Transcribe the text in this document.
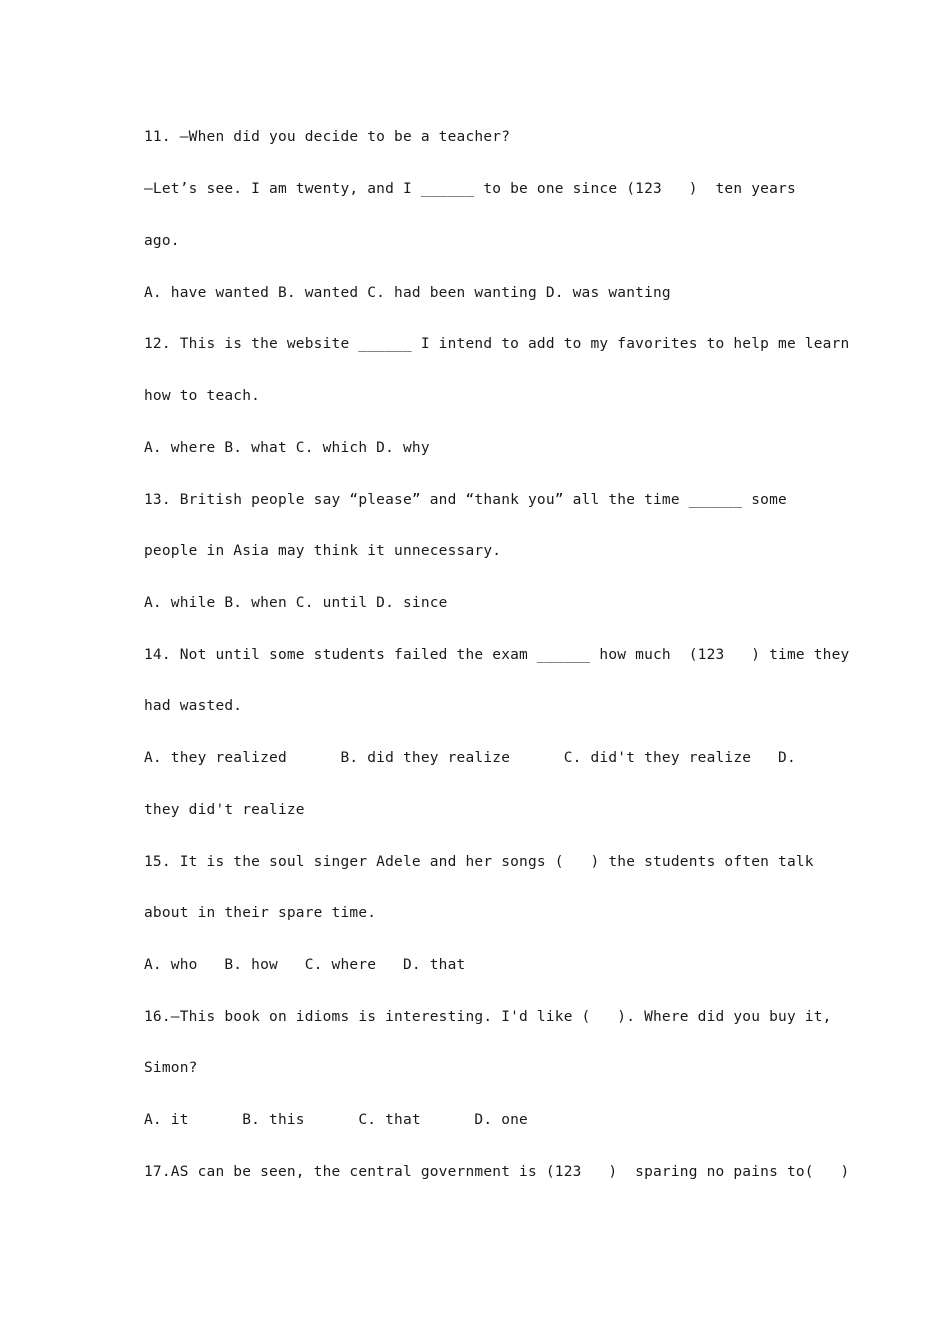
11. —When did you decide to be a teacher?
—Let’s see. I am twenty, and I ______ to be one since (123   )  ten years
ago.
A. have wanted B. wanted C. had been wanting D. was wanting
12. This is the website ______ I intend to add to my favorites to help me learn
how to teach.
A. where B. what C. which D. why
13. British people say “please” and “thank you” all the time ______ some
people in Asia may think it unnecessary.
A. while B. when C. until D. since
14. Not until some students failed the exam ______ how much  (123   ) time they
had wasted.
A. they realized      B. did they realize      C. did't they realize   D.
they did't realize
15. It is the soul singer Adele and her songs (   ) the students often talk
about in their spare time.
A. who   B. how   C. where   D. that
16.—This book on idioms is interesting. I'd like (   ). Where did you buy it,
Simon?
A. it      B. this      C. that      D. one
17.AS can be seen, the central government is (123   )  sparing no pains to(   )
